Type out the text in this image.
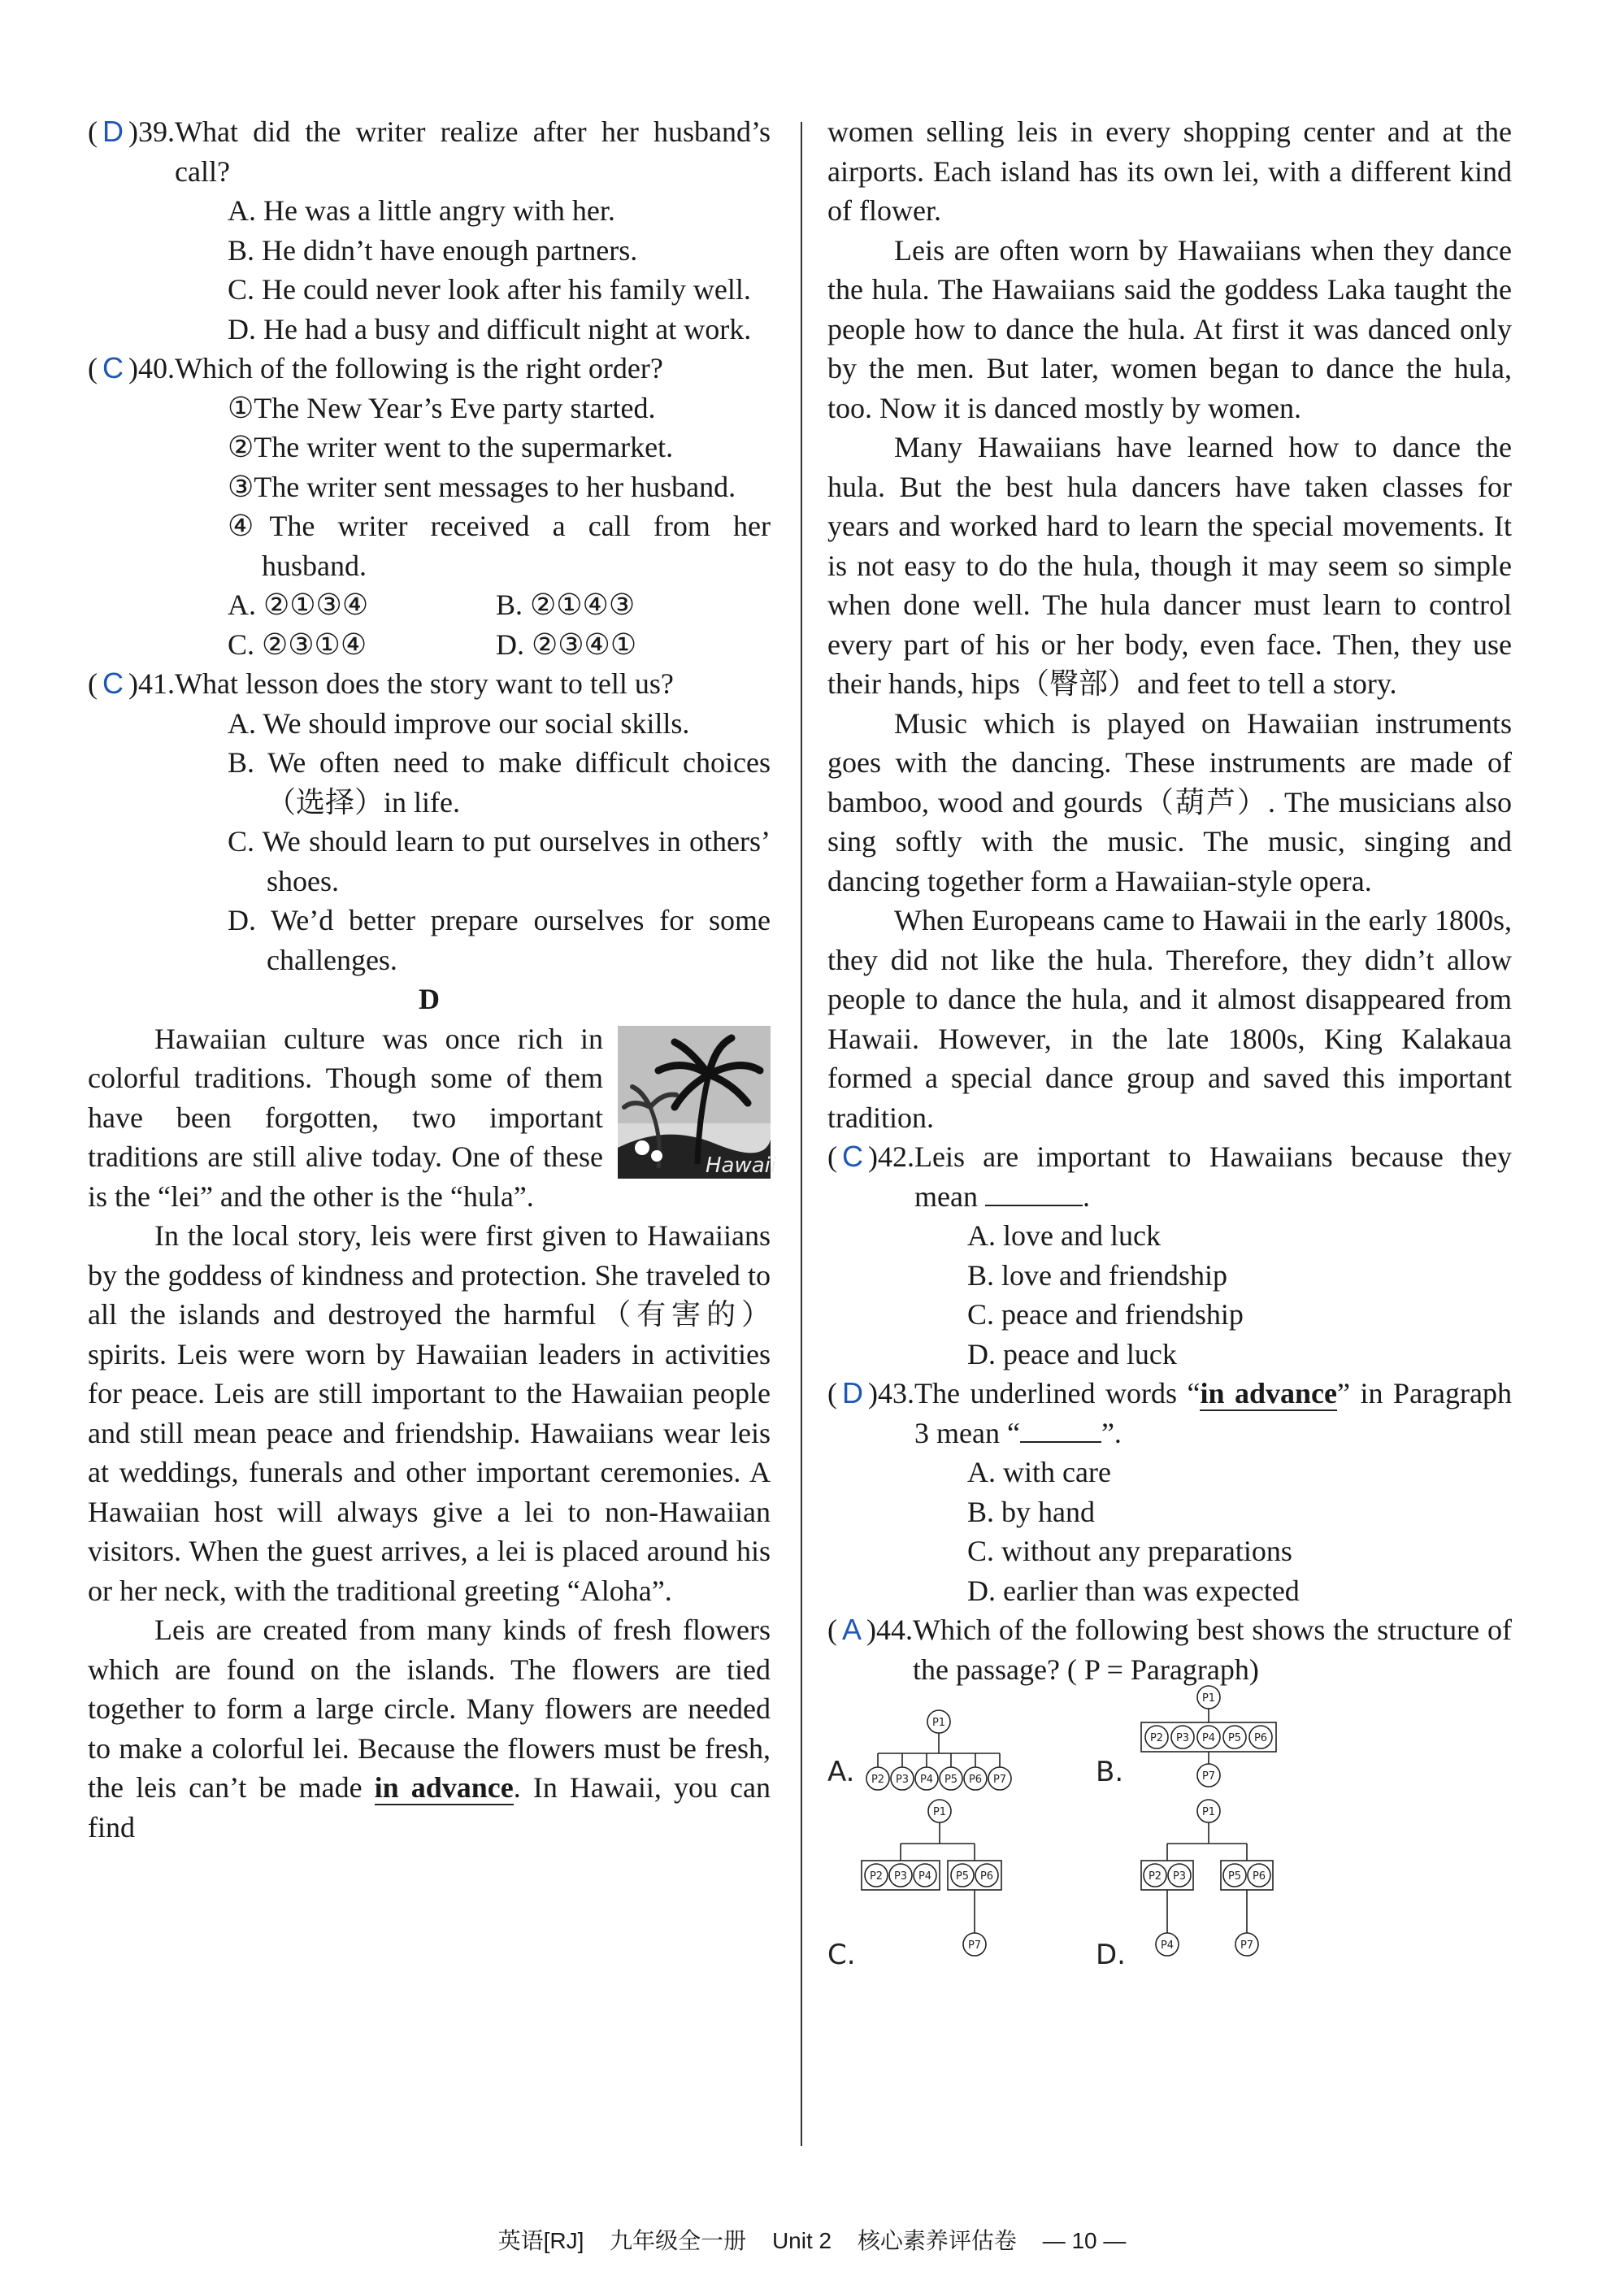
( D )39. What did the writer realize after her husband’s call?
A. He was a little angry with her.
B. He didn’t have enough partners.
C. He could never look after his family well.
D. He had a busy and difficult night at work.
( C )40. Which of the following is the right order?
①The New Year’s Eve party started.
②The writer went to the supermarket.
③The writer sent messages to her husband.
④The writer received a call from her husband.
A. ②①③④	B. ②①④③
C. ②③①④	D. ②③④①
( C )41. What lesson does the story want to tell us?
A. We should improve our social skills.
B. We often need to make difficult choices（选择）in life.
C. We should learn to put ourselves in others’ shoes.
D. We’d better prepare ourselves for some challenges.
D
Hawaii

Hawaiian culture was once rich in colorful traditions. Though some of them have been forgotten, two important traditions are still alive today. One of these is the “lei” and the other is the “hula”.

In the local story, leis were first given to Hawaiians by the goddess of kindness and protection. She traveled to all the islands and destroyed the harmful（有害的）spirits. Leis were worn by Hawaiian leaders in activities for peace. Leis are still important to the Hawaiian people and still mean peace and friendship. Hawaiians wear leis at weddings, funerals and other important ceremonies. A Hawaiian host will always give a lei to non-Hawaiian visitors. When the guest arrives, a lei is placed around his or her neck, with the traditional greeting “Aloha”.

Leis are created from many kinds of fresh flowers which are found on the islands. The flowers are tied together to form a large circle. Many flowers are needed to make a colorful lei. Because the flowers must be fresh, the leis can’t be made in advance. In Hawaii, you can find

women selling leis in every shopping center and at the airports. Each island has its own lei, with a different kind of flower.

Leis are often worn by Hawaiians when they dance the hula. The Hawaiians said the goddess Laka taught the people how to dance the hula. At first it was danced only by the men. But later, women began to dance the hula, too. Now it is danced mostly by women.

Many Hawaiians have learned how to dance the hula. But the best hula dancers have taken classes for years and worked hard to learn the special movements. It is not easy to do the hula, though it may seem so simple when done well. The hula dancer must learn to control every part of his or her body, even face. Then, they use their hands, hips（臀部）and feet to tell a story.

Music which is played on Hawaiian instruments goes with the dancing. These instruments are made of bamboo, wood and gourds（葫芦）. The musicians also sing softly with the music. The music, singing and dancing together form a Hawaiian-style opera.

When Europeans came to Hawaii in the early 1800s, they did not like the hula. Therefore, they didn’t allow people to dance the hula, and it almost disappeared from Hawaii. However, in the late 1800s, King Kalakaua formed a special dance group and saved this important tradition.

( C )42. Leis are important to Hawaiians because they mean	.
A. love and luck
B. love and friendship
C. peace and friendship
D. peace and luck
( D )43. The underlined words “in advance” in Paragraph 3 mean “	”.
A. with care
B. by hand
C. without any preparations
D. earlier than was expected
( A )44. Which of the following best shows the structure of the passage? ( P = Paragraph)
A.
P1
P2 P3 P4 P5 P6 P7	B.
P1
P2 P3 P4 P5 P6
P7
C.
P1
P2 P3 P4 P5 P6
P7	D.
P1
P2 P3	P5 P6
P4	P7
英语[RJ] 九年级全一册 Unit 2 核心素养评估卷 — 10 —
